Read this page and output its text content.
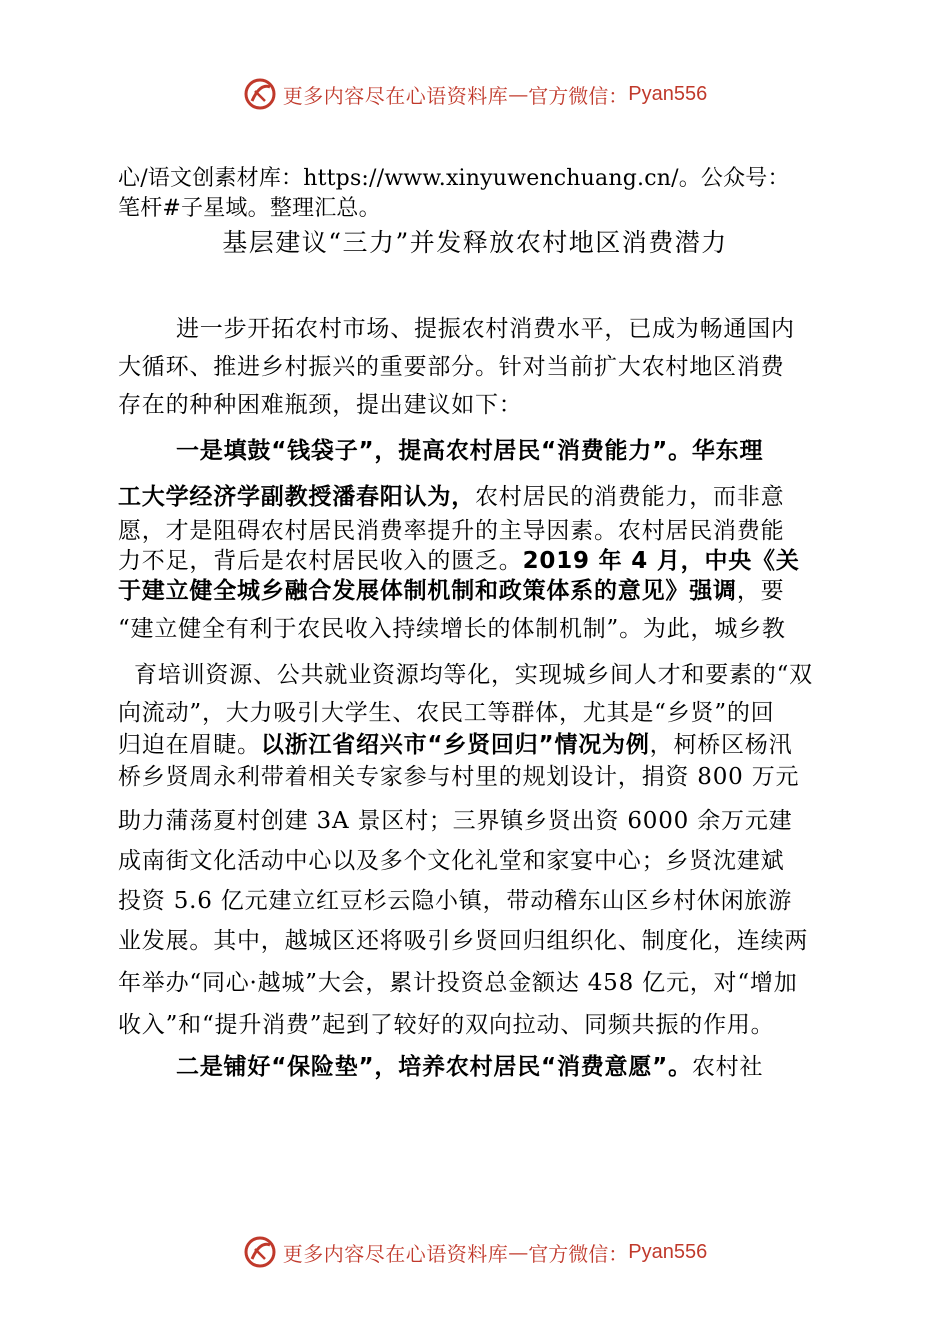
更多内容尽在心语资料库 — 官方微信： Pyan556
心/语文创素材库：https://www.xinyuwenchuang.cn/。公众号：
笔杆#子星域。整理汇总。
基层建议“三力”并发释放农村地区消费潜力
进一步开拓农村市场、提振农村消费水平，已成为畅通国内
大循环、推进乡村振兴的重要部分。针对当前扩大农村地区消费
存在的种种困难瓶颈，提出建议如下：
一是填鼓“钱袋子”，提高农村居民“消费能力”。华东理
工大学经济学副教授潘春阳认为，农村居民的消费能力，而非意
愿，才是阻碍农村居民消费率提升的主导因素。农村居民消费能
力不足，背后是农村居民收入的匮乏。2019 年 4 月，中央《关
于建立健全城乡融合发展体制机制和政策体系的意见》强调，要
“建立健全有利于农民收入持续增长的体制机制”。为此，城乡教
育培训资源、公共就业资源均等化，实现城乡间人才和要素的“双
向流动”，大力吸引大学生、农民工等群体，尤其是“乡贤”的回
归迫在眉睫。以浙江省绍兴市“乡贤回归”情况为例，柯桥区杨汛
桥乡贤周永利带着相关专家参与村里的规划设计，捐资 800 万元
助力蒲荡夏村创建 3A 景区村；三界镇乡贤出资 6000 余万元建
成南街文化活动中心以及多个文化礼堂和家宴中心；乡贤沈建斌
投资 5.6 亿元建立红豆杉云隐小镇，带动稽东山区乡村休闲旅游
业发展。其中，越城区还将吸引乡贤回归组织化、制度化，连续两
年举办“同心·越城”大会，累计投资总金额达 458 亿元，对“增加
收入”和“提升消费”起到了较好的双向拉动、同频共振的作用。
二是铺好“保险垫”，培养农村居民“消费意愿”。农村社
更多内容尽在心语资料库 — 官方微信： Pyan556
